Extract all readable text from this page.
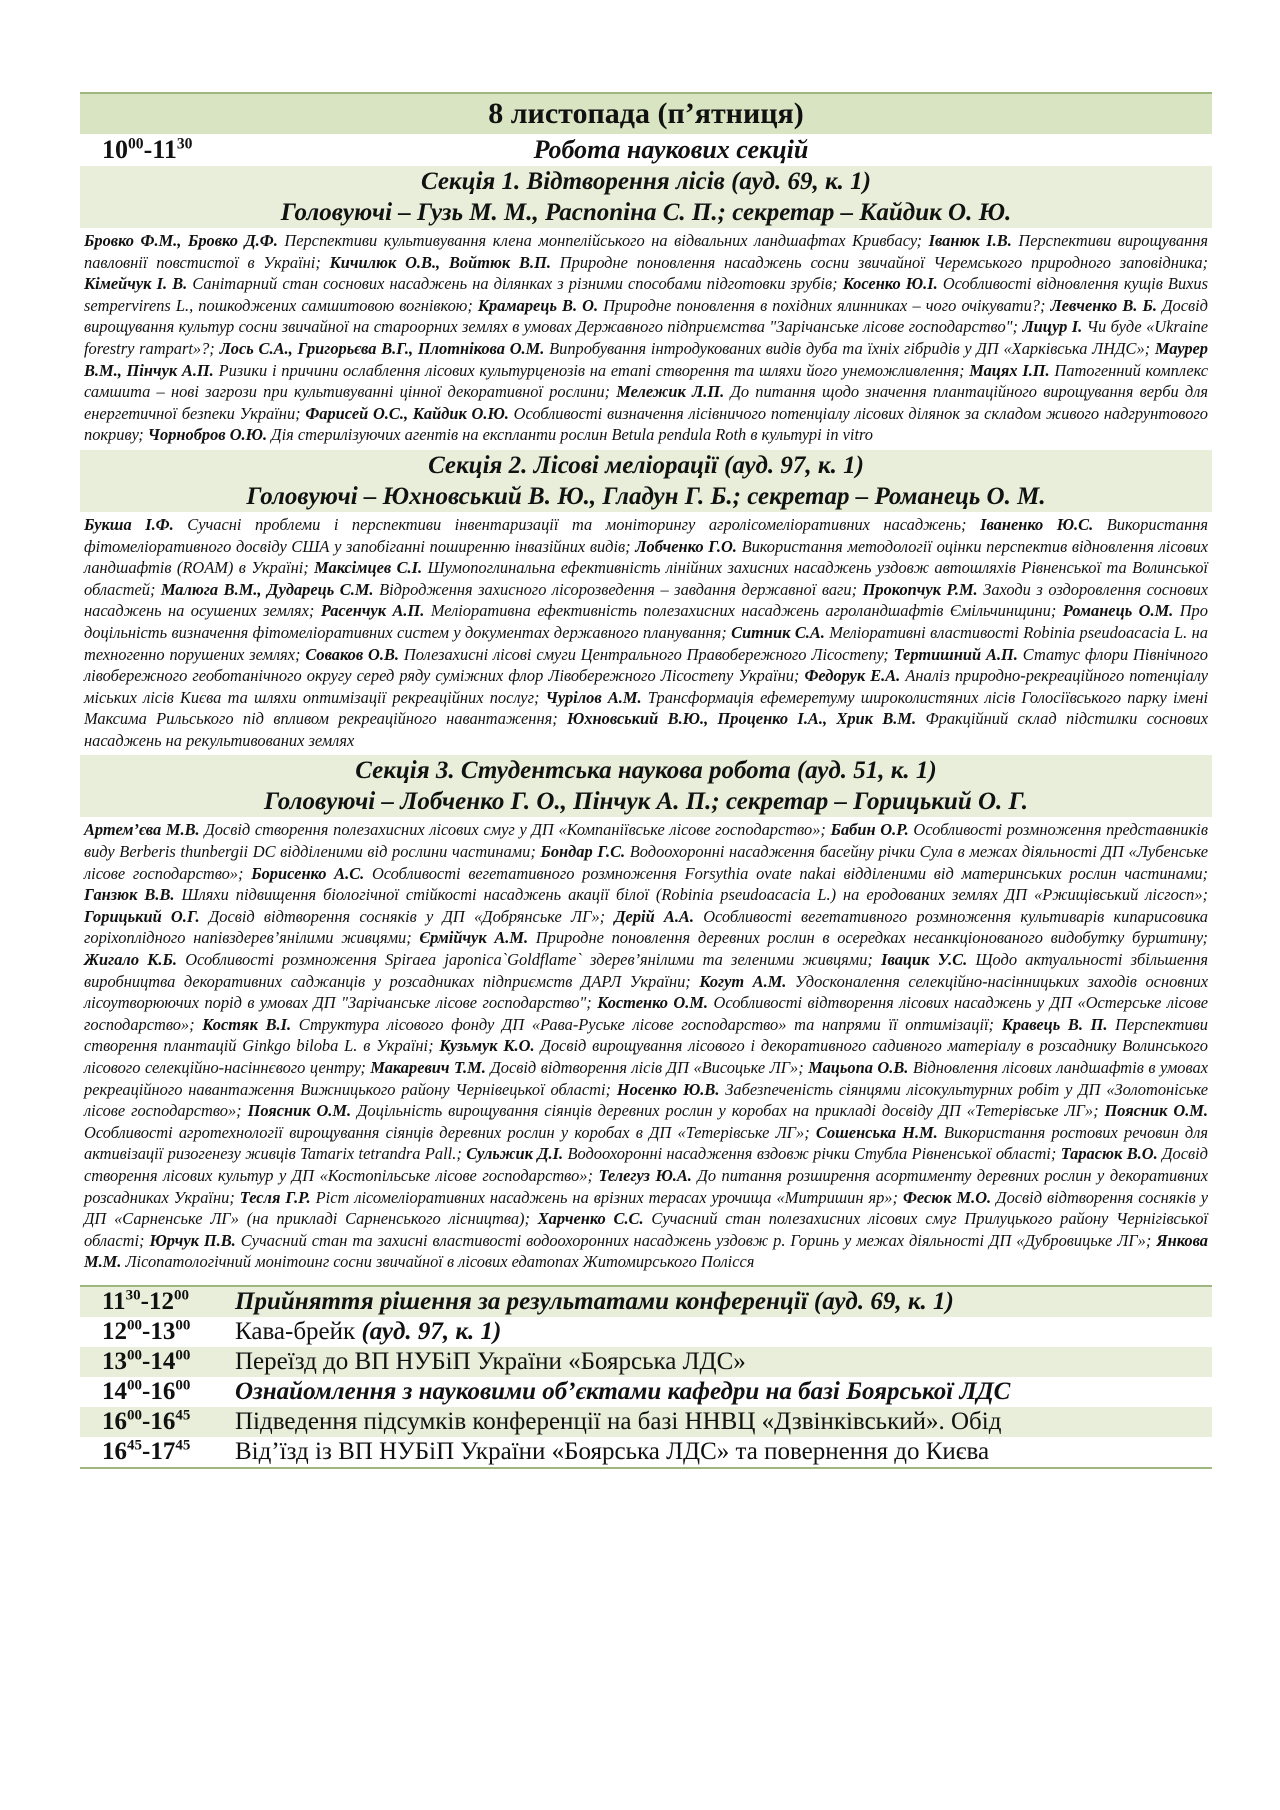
8 листопада (п’ятниця)
$10^{00}-11^{30}$	Робота наукових секцій
Секція 1. Відтворення лісів (ауд. 69, к. 1)
Головуючі – Гузь М. М., Распопіна С. П.; секретар – Кайдик О. Ю.
Бровко Ф.М., Бровко Д.Ф. Перспективи культивування клена монпелійського на відвальних ландшафтах Кривбасу; Іванюк І.В. Перспективи вирощування павловнії повстистої в Україні; Кичилюк О.В., Войтюк В.П. Природне поновлення насаджень сосни звичайної Черемського природного заповідника; Кімейчук І. В. Санітарний стан соснових насаджень на ділянках з різними способами підготовки зрубів; Косенко Ю.І. Особливості відновлення кущів Buxus sempervirens L., пошкоджених самшитовою вогнівкою; Крамарець В. О. Природне поновлення в похідних ялинниках – чого очікувати?; Левченко В. Б. Досвід вирощування культур сосни звичайної на староорних землях в умовах Державного підприємства "Зарічанське лісове господарство"; Лицур І. Чи буде «Ukraine forestry rampart»?; Лось С.А., Григорьєва В.Г., Плотнікова О.М. Випробування інтродукованих видів дуба та їхніх гібридів у ДП «Харківська ЛНДС»; Маурер В.М., Пінчук А.П. Ризики і причини ослаблення лісових культурценозів на етапі створення та шляхи його унеможливлення; Мацях І.П. Патогенний комплекс самшита – нові загрози при культивуванні цінної декоративної рослини; Мележик Л.П. До питання щодо значення плантаційного вирощування верби для енергетичної безпеки України; Фарисей О.С., Кайдик О.Ю. Особливості визначення лісівничого потенціалу лісових ділянок за складом живого надгрунтового покриву; Чорнобров О.Ю. Дія стерилізуючих агентів на експланти рослин Betula pendula Roth в культурі in vitro
Секція 2. Лісові меліорації (ауд. 97, к. 1)
Головуючі – Юхновський В. Ю., Гладун Г. Б.; секретар – Романець О. М.
Букша І.Ф. Сучасні проблеми і перспективи інвентаризації та моніторингу агролісомеліоративних насаджень; Іваненко Ю.С. Використання фітомеліоративного досвіду США у запобіганні поширенню інвазійних видів; Лобченко Г.О. Використання методології оцінки перспектив відновлення лісових ландшафтів (ROAM) в Україні; Максімцев С.І. Шумопоглинальна ефективність лінійних захисних насаджень уздовж автошляхів Рівненської та Волинської областей; Малюга В.М., Дударець С.М. Відродження захисного лісорозведення – завдання державної ваги; Прокопчук Р.М. Заходи з оздоровлення соснових насаджень на осушених землях; Расенчук А.П. Меліоративна ефективність полезахисних насаджень агроландшафтів Ємільчинщини; Романець О.М. Про доцільність визначення фітомеліоративних систем у документах державного планування; Ситник С.А. Меліоративні властивості Robinia pseudoacacia L. на техногенно порушених землях; Соваков О.В. Полезахисні лісові смуги Центрального Правобережного Лісостепу; Тертишний А.П. Статус флори Північного лівобережного геоботанічного округу серед ряду суміжних флор Лівобережного Лісостепу України; Федорук Е.А. Аналіз природно-рекреаційного потенціалу міських лісів Києва та шляхи оптимізації рекреаційних послуг; Чурілов А.М. Трансформація ефемеретуму широколистяних лісів Голосіївського парку імені Максима Рильського під впливом рекреаційного навантаження; Юхновський В.Ю., Проценко І.А., Хрик В.М. Фракційний склад підстилки соснових насаджень на рекультивованих землях
Секція 3. Студентська наукова робота (ауд. 51, к. 1)
Головуючі – Лобченко Г. О., Пінчук А. П.; секретар – Горицький О. Г.
Артем’єва М.В. Досвід створення полезахисних лісових смуг у ДП «Компаніївське лісове господарство»; Бабин О.Р. Особливості розмноження представників виду Berberis thunbergii DC відділеними від рослини частинами; Бондар Г.С. Водоохоронні насадження басейну річки Сула в межах діяльності ДП «Лубенське лісове господарство»; Борисенко А.С. Особливості вегетативного розмноження Forsythia ovate nakai відділеними від материнських рослин частинами; Ганзюк В.В. Шляхи підвищення біологічної стійкості насаджень акації білої (Robinia pseudoacacia L.) на еродованих землях ДП «Ржищівський лісгосп»; Горицький О.Г. Досвід відтворення сосняків у ДП «Добрянське ЛГ»; Дерій А.А. Особливості вегетативного розмноження культиварів кипарисовика горіхоплідного напівздерев’янілими живцями; Єрмійчук А.М. Природне поновлення деревних рослин в осередках несанкціонованого видобутку бурштину; Жигало К.Б. Особливості розмноження Spiraea japonica`Goldflame` здерев’янілими та зеленими живцями; Івацик У.С. Щодо актуальності збільшення виробництва декоративних саджанців у розсадниках підприємств ДАРЛ України; Когут А.М. Удосконалення селекційно-насінницьких заходів основних лісоутворюючих порід в умовах ДП "Зарічанське лісове господарство"; Костенко О.М. Особливості відтворення лісових насаджень у ДП «Остерське лісове господарство»; Костяк В.І. Структура лісового фонду ДП «Рава-Руське лісове господарство» та напрями її оптимізації; Кравець В. П. Перспективи створення плантацій Ginkgo biloba L. в Україні; Кузьмук К.О. Досвід вирощування лісового і декоративного садивного матеріалу в розсаднику Волинського лісового селекційно-насіннєвого центру; Макаревич Т.М. Досвід відтворення лісів ДП «Висоцьке ЛГ»; Мацьопа О.В. Відновлення лісових ландшафтів в умовах рекреаційного навантаження Вижницького району Чернівецької області; Носенко Ю.В. Забезпеченість сіянцями лісокультурних робіт у ДП «Золотоніське лісове господарство»; Поясник О.М. Доцільність вирощування сіянців деревних рослин у коробах на прикладі досвіду ДП «Тетерівське ЛГ»; Поясник О.М. Особливості агротехнології вирощування сіянців деревних рослин у коробах в ДП «Тетерівське ЛГ»; Сошенська Н.М. Використання ростових речовин для активізації ризогенезу живців Tamarix tetrandra Pall.; Сульжик Д.І. Водоохоронні насадження вздовж річки Стубла Рівненської області; Тарасюк В.О. Досвід створення лісових культур у ДП «Костопільське лісове господарство»; Телегуз Ю.А. До питання розширення асортименту деревних рослин у декоративних розсадниках України; Тесля Г.Р. Ріст лісомеліоративних насаджень на врізних терасах урочища «Митришин яр»; Фесюк М.О. Досвід відтворення сосняків у ДП «Сарненське ЛГ» (на прикладі Сарненського лісництва); Харченко С.С. Сучасний стан полезахисних лісових смуг Прилуцького району Чернігівської області; Юрчук П.В. Сучасний стан та захисні властивості водоохоронних насаджень уздовж р. Горинь у межах діяльності ДП «Дубровицьке ЛГ»; Янкова М.М. Лісопатологічний монітоинг сосни звичайної в лісових едатопах Житомирського Полісся
$11^{30}-12^{00}$	Прийняття рішення за результатами конференції (ауд. 69, к. 1)
$12^{00}-13^{00}$	Кава-брейк (ауд. 97, к. 1)
$13^{00}-14^{00}$	Переїзд до ВП НУБіП України «Боярська ЛДС»
$14^{00}-16^{00}$	Ознайомлення з науковими об’єктами кафедри на базі Боярської ЛДС
$16^{00}-16^{45}$	Підведення підсумків конференції на базі ННВЦ «Дзвінківський». Обід
$16^{45}-17^{45}$	Від’їзд із ВП НУБіП України «Боярська ЛДС» та повернення до Києва
